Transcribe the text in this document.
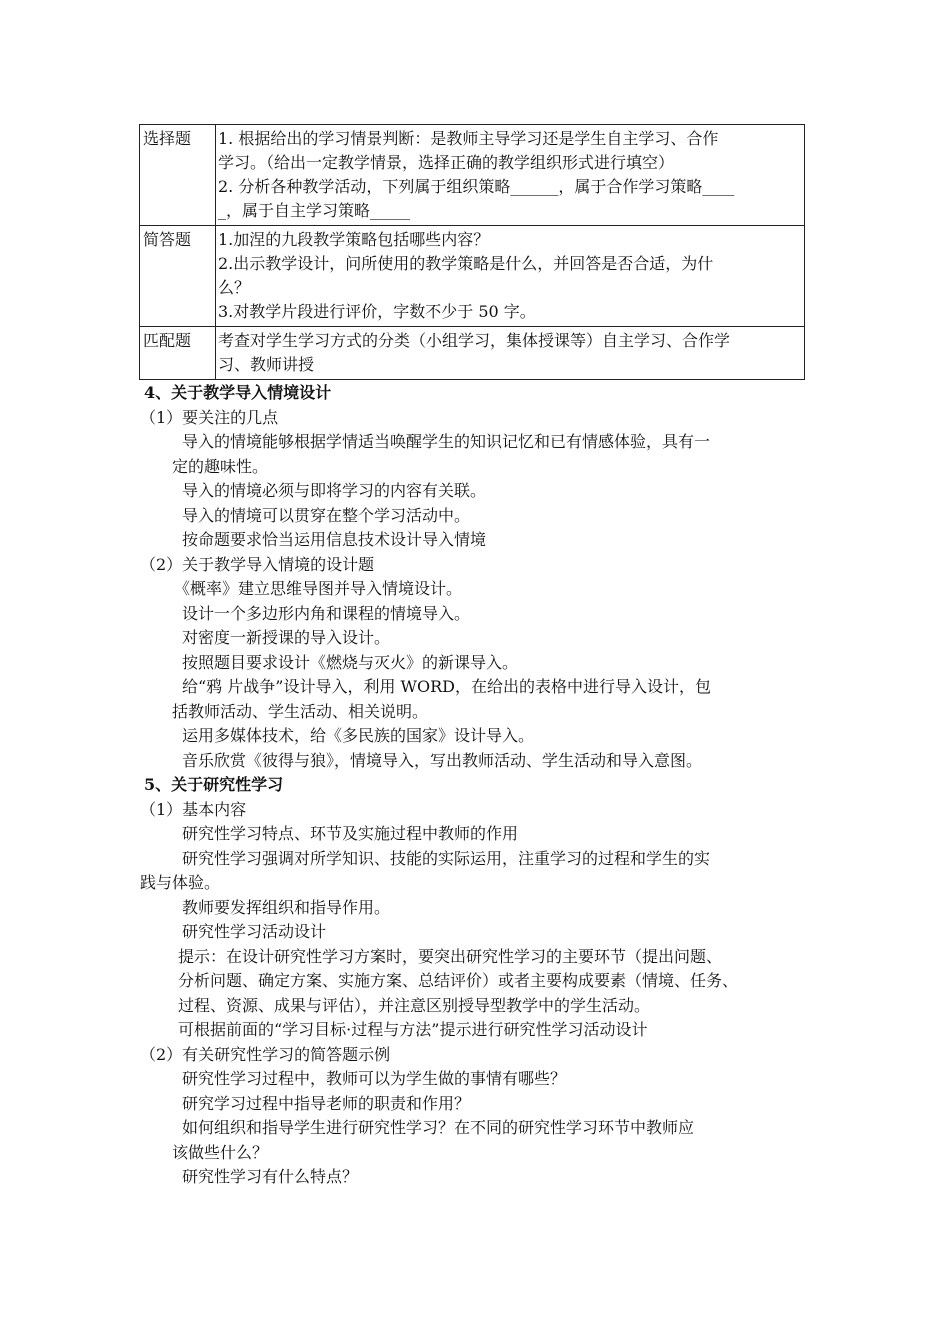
选择题	1. 根据给出的学习情景判断：是教师主导学习还是学生自主学习、合作
学习。（给出一定教学情景，选择正确的教学组织形式进行填空）
2. 分析各种教学活动，下列属于组织策略______，属于合作学习策略____
_，属于自主学习策略_____

简答题	1.加涅的九段教学策略包括哪些内容？
2.出示教学设计，问所使用的教学策略是什么，并回答是否合适，为什
么？
3.对教学片段进行评价，字数不少于 50 字。

匹配题	考查对学生学习方式的分类（小组学习，集体授课等）自主学习、合作学
习、教师讲授
4、关于教学导入情境设计
（1）要关注的几点
导入的情境能够根据学情适当唤醒学生的知识记忆和已有情感体验，具有一
定的趣味性。
导入的情境必须与即将学习的内容有关联。
导入的情境可以贯穿在整个学习活动中。
按命题要求恰当运用信息技术设计导入情境
（2）关于教学导入情境的设计题
《概率》建立思维导图并导入情境设计。
设计一个多边形内角和课程的情境导入。
对密度一新授课的导入设计。
按照题目要求设计《燃烧与灭火》的新课导入。
给“鸦 片战争”设计导入，利用 WORD，在给出的表格中进行导入设计，包
括教师活动、学生活动、相关说明。
运用多媒体技术，给《多民族的国家》设计导入。
音乐欣赏《彼得与狼》，情境导入，写出教师活动、学生活动和导入意图。
5、关于研究性学习
（1）基本内容
研究性学习特点、环节及实施过程中教师的作用
研究性学习强调对所学知识、技能的实际运用，注重学习的过程和学生的实
践与体验。
教师要发挥组织和指导作用。
研究性学习活动设计
提示：在设计研究性学习方案时，要突出研究性学习的主要环节（提出问题、
分析问题、确定方案、实施方案、总结评价）或者主要构成要素（情境、任务、
过程、资源、成果与评估），并注意区别授导型教学中的学生活动。
可根据前面的“学习目标·过程与方法”提示进行研究性学习活动设计
（2）有关研究性学习的简答题示例
研究性学习过程中，教师可以为学生做的事情有哪些？
研究学习过程中指导老师的职责和作用？
如何组织和指导学生进行研究性学习？在不同的研究性学习环节中教师应
该做些什么？
研究性学习有什么特点？
